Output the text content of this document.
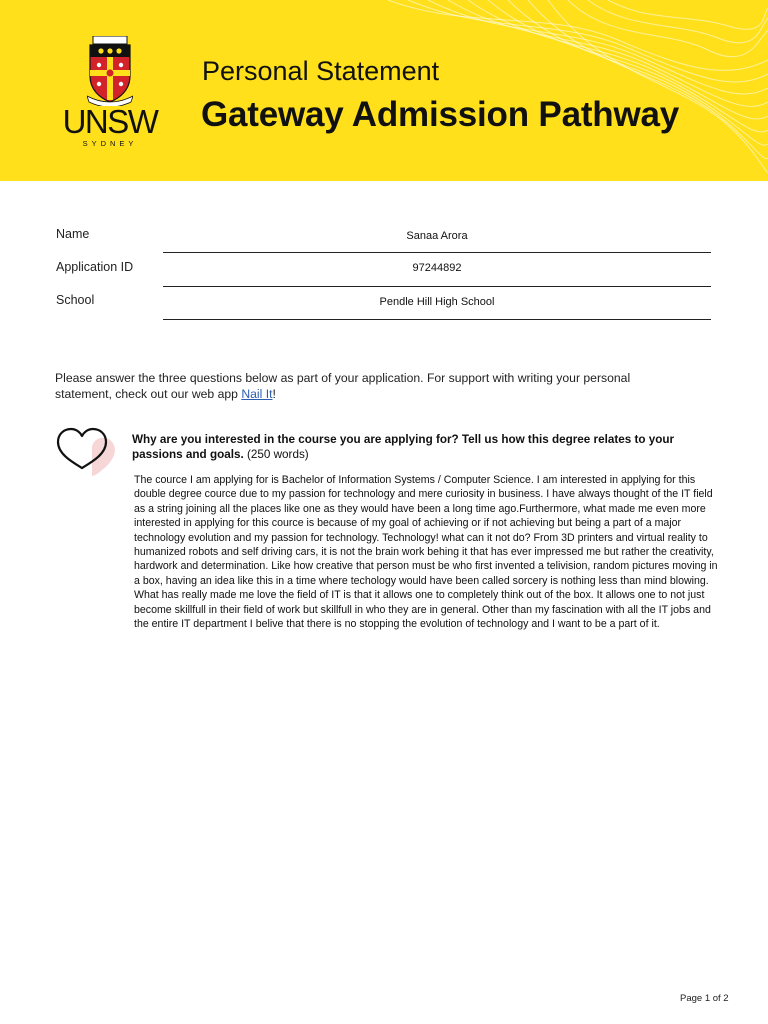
UNSW
SYDNEY
Personal Statement
Gateway Admission Pathway
Name	Sanaa Arora
Application ID	97244892
School	Pendle Hill High School
Please answer the three questions below as part of your application. For support with writing your personal statement, check out our web app Nail It!
Why are you interested in the course you are applying for? Tell us how this degree relates to your passions and goals. (250 words)
The cource I am applying for is Bachelor of Information Systems / Computer Science. I am interested in applying for this double degree cource due to my passion for technology and mere curiosity in business. I have always thought of the IT field as a string joining all the places like one as they would have been a long time ago.Furthermore, what made me even more interested in applying for this cource is because of my goal of achieving or if not achieving but being a part of a major technology evolution and my passion for technology. Technology! what can it not do? From 3D printers and virtual reality to humanized robots and self driving cars, it is not the brain work behing it that has ever impressed me but rather the creativity, hardwork and determination. Like how creative that person must be who first invented a telivision, random pictures moving in a box, having an idea like this in a time where techology would have been called sorcery is nothing less than mind blowing. What has really made me love the field of IT is that it allows one to completely think out of the box. It allows one to not just become skillfull in their field of work but skillfull in who they are in general. Other than my fascination with all the IT jobs and the entire IT department I belive that there is no stopping the evolution of technology and I want to be a part of it.
Page 1 of 2
